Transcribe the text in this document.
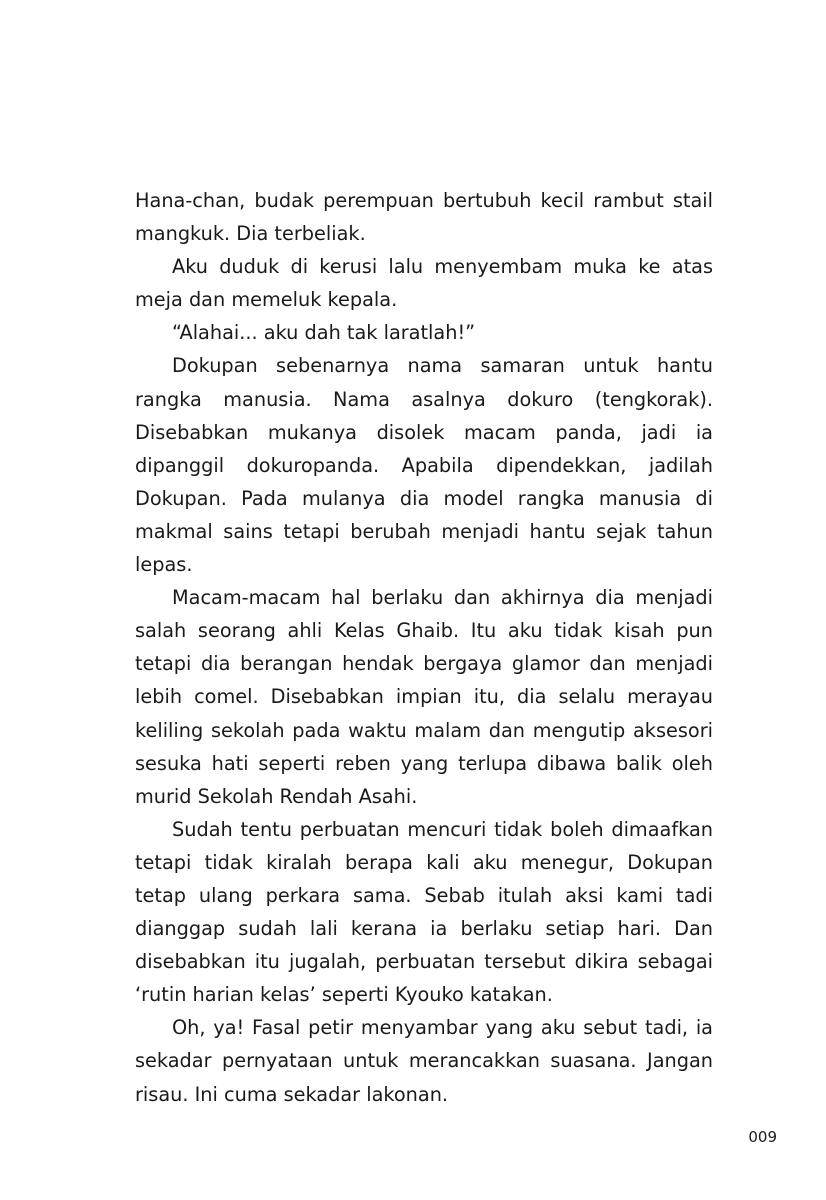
Hana-chan, budak perempuan bertubuh kecil rambut stail mangkuk. Dia terbeliak.

Aku duduk di kerusi lalu menyembam muka ke atas meja dan memeluk kepala.

“Alahai... aku dah tak laratlah!”

Dokupan sebenarnya nama samaran untuk hantu rangka manusia. Nama asalnya dokuro (tengkorak). Disebabkan mukanya disolek macam panda, jadi ia dipanggil dokuropanda. Apabila dipendekkan, jadilah Dokupan. Pada mulanya dia model rangka manusia di makmal sains tetapi berubah menjadi hantu sejak tahun lepas.

Macam-macam hal berlaku dan akhirnya dia menjadi salah seorang ahli Kelas Ghaib. Itu aku tidak kisah pun tetapi dia berangan hendak bergaya glamor dan menjadi lebih comel. Disebabkan impian itu, dia selalu merayau keliling sekolah pada waktu malam dan mengutip aksesori sesuka hati seperti reben yang terlupa dibawa balik oleh murid Sekolah Rendah Asahi.

Sudah tentu perbuatan mencuri tidak boleh dimaafkan tetapi tidak kiralah berapa kali aku menegur, Dokupan tetap ulang perkara sama. Sebab itulah aksi kami tadi dianggap sudah lali kerana ia berlaku setiap hari. Dan disebabkan itu jugalah, perbuatan tersebut dikira sebagai ‘rutin harian kelas’ seperti Kyouko katakan.

Oh, ya! Fasal petir menyambar yang aku sebut tadi, ia sekadar pernyataan untuk merancakkan suasana. Jangan risau. Ini cuma sekadar lakonan.

009
